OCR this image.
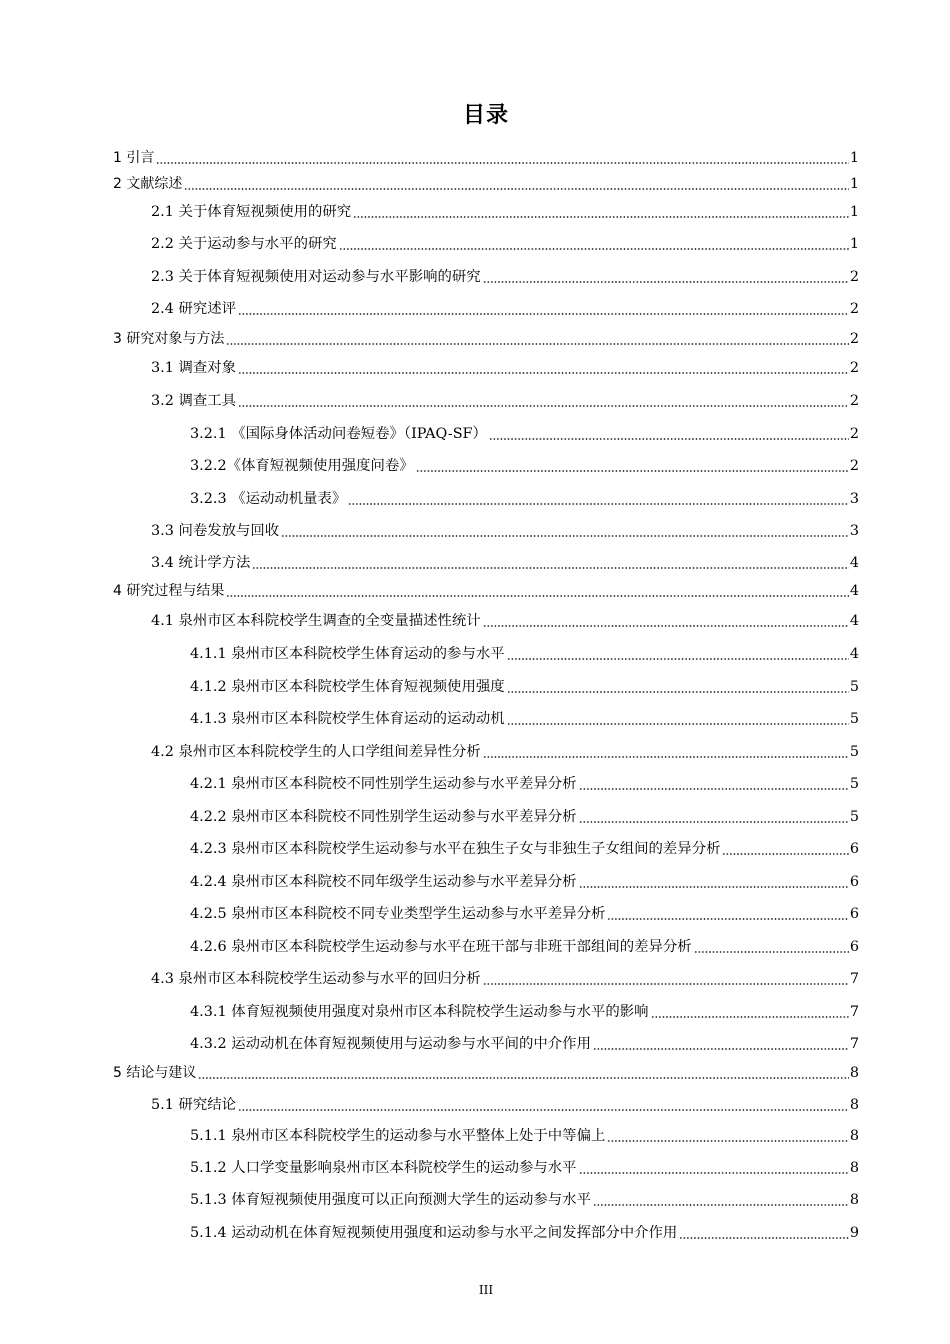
目录
1 引言	1
2 文献综述	1
2.1 关于体育短视频使用的研究	1
2.2 关于运动参与水平的研究	1
2.3 关于体育短视频使用对运动参与水平影响的研究	2
2.4 研究述评	2
3 研究对象与方法	2
3.1 调查对象	2
3.2 调查工具	2
3.2.1 《国际身体活动问卷短卷》（IPAQ-SF）	2
3.2.2《体育短视频使用强度问卷》	2
3.2.3 《运动动机量表》	3
3.3 问卷发放与回收	3
3.4 统计学方法	4
4 研究过程与结果	4
4.1 泉州市区本科院校学生调查的全变量描述性统计	4
4.1.1 泉州市区本科院校学生体育运动的参与水平	4
4.1.2 泉州市区本科院校学生体育短视频使用强度	5
4.1.3 泉州市区本科院校学生体育运动的运动动机	5
4.2 泉州市区本科院校学生的人口学组间差异性分析	5
4.2.1 泉州市区本科院校不同性别学生运动参与水平差异分析	5
4.2.2 泉州市区本科院校不同性别学生运动参与水平差异分析	5
4.2.3 泉州市区本科院校学生运动参与水平在独生子女与非独生子女组间的差异分析	6
4.2.4 泉州市区本科院校不同年级学生运动参与水平差异分析	6
4.2.5 泉州市区本科院校不同专业类型学生运动参与水平差异分析	6
4.2.6 泉州市区本科院校学生运动参与水平在班干部与非班干部组间的差异分析	6
4.3 泉州市区本科院校学生运动参与水平的回归分析	7
4.3.1 体育短视频使用强度对泉州市区本科院校学生运动参与水平的影响	7
4.3.2 运动动机在体育短视频使用与运动参与水平间的中介作用	7
5 结论与建议	8
5.1 研究结论	8
5.1.1 泉州市区本科院校学生的运动参与水平整体上处于中等偏上	8
5.1.2 人口学变量影响泉州市区本科院校学生的运动参与水平	8
5.1.3 体育短视频使用强度可以正向预测大学生的运动参与水平	8
5.1.4 运动动机在体育短视频使用强度和运动参与水平之间发挥部分中介作用	9
III
